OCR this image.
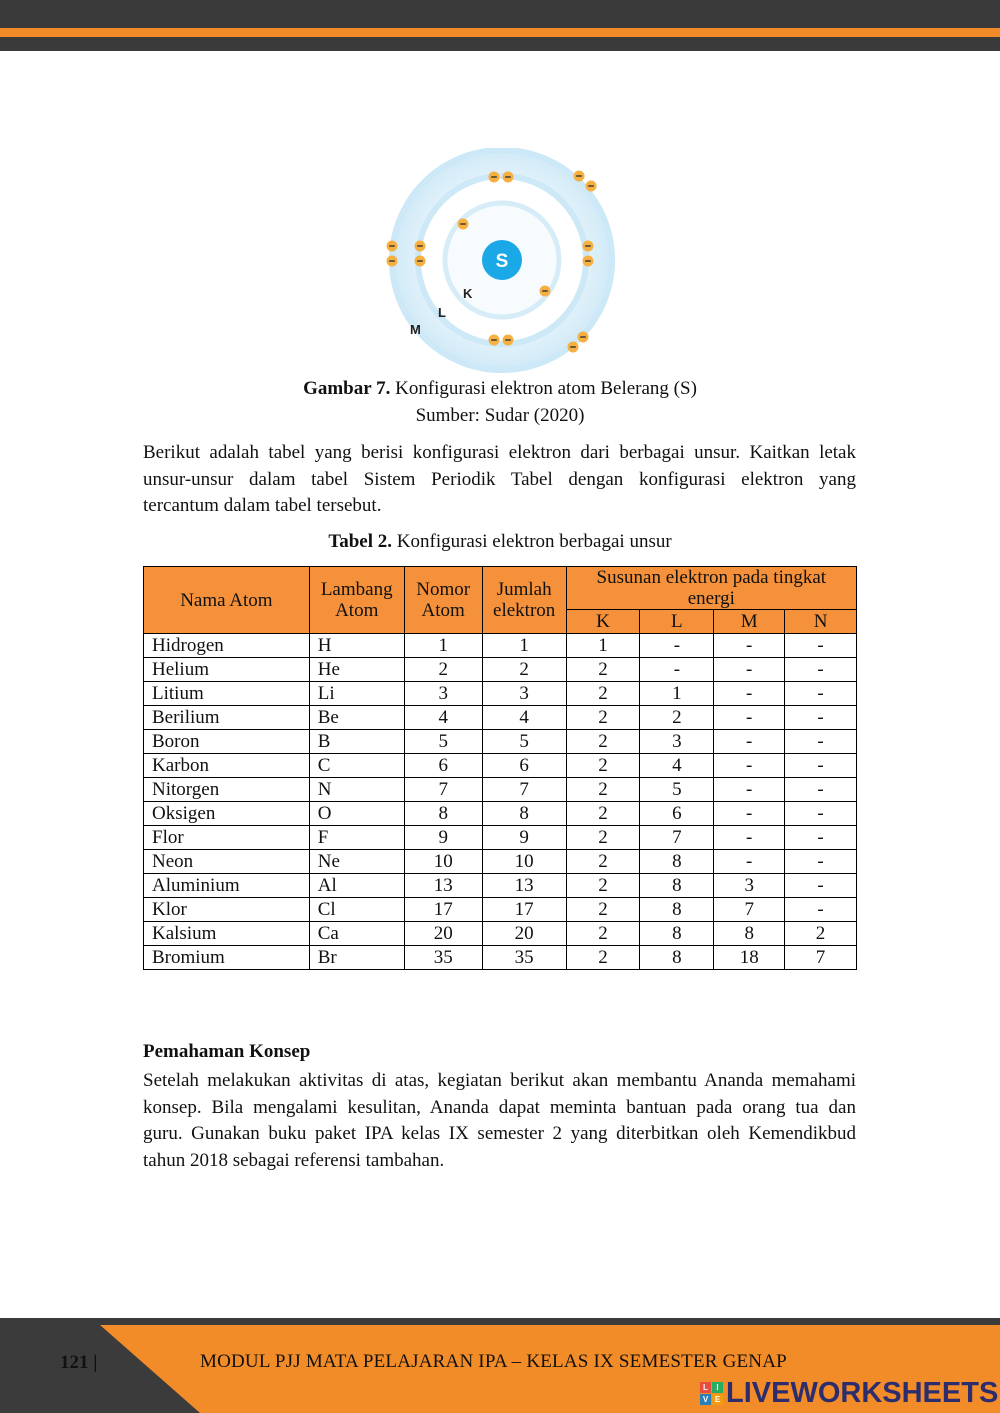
S
K
L
M
Gambar 7. Konfigurasi elektron atom Belerang (S)
Sumber: Sudar (2020)
Berikut adalah tabel yang berisi konfigurasi elektron dari berbagai unsur. Kaitkan letak
unsur-unsur dalam tabel Sistem Periodik Tabel dengan konfigurasi elektron yang
tercantum dalam tabel tersebut.
Tabel 2. Konfigurasi elektron berbagai unsur
Nama Atom	Lambang Atom	Nomor Atom	Jumlah elektron	Susunan elektron pada tingkat energi			
				K	L	M	N
Hidrogen	H	1	1	1	-	-	-
Helium	He	2	2	2	-	-	-
Litium	Li	3	3	2	1	-	-
Berilium	Be	4	4	2	2	-	-
Boron	B	5	5	2	3	-	-
Karbon	C	6	6	2	4	-	-
Nitorgen	N	7	7	2	5	-	-
Oksigen	O	8	8	2	6	-	-
Flor	F	9	9	2	7	-	-
Neon	Ne	10	10	2	8	-	-
Aluminium	Al	13	13	2	8	3	-
Klor	Cl	17	17	2	8	7	-
Kalsium	Ca	20	20	2	8	8	2
Bromium	Br	35	35	2	8	18	7
Pemahaman Konsep
Setelah melakukan aktivitas di atas, kegiatan berikut akan membantu Ananda memahami
konsep. Bila mengalami kesulitan, Ananda dapat meminta bantuan pada orang tua dan
guru. Gunakan buku paket IPA kelas IX semester 2 yang diterbitkan oleh Kemendikbud
tahun 2018 sebagai referensi tambahan.
121 |	MODUL PJJ MATA PELAJARAN IPA – KELAS IX SEMESTER GENAP
L	I
V E LIVEWORKSHEETS
